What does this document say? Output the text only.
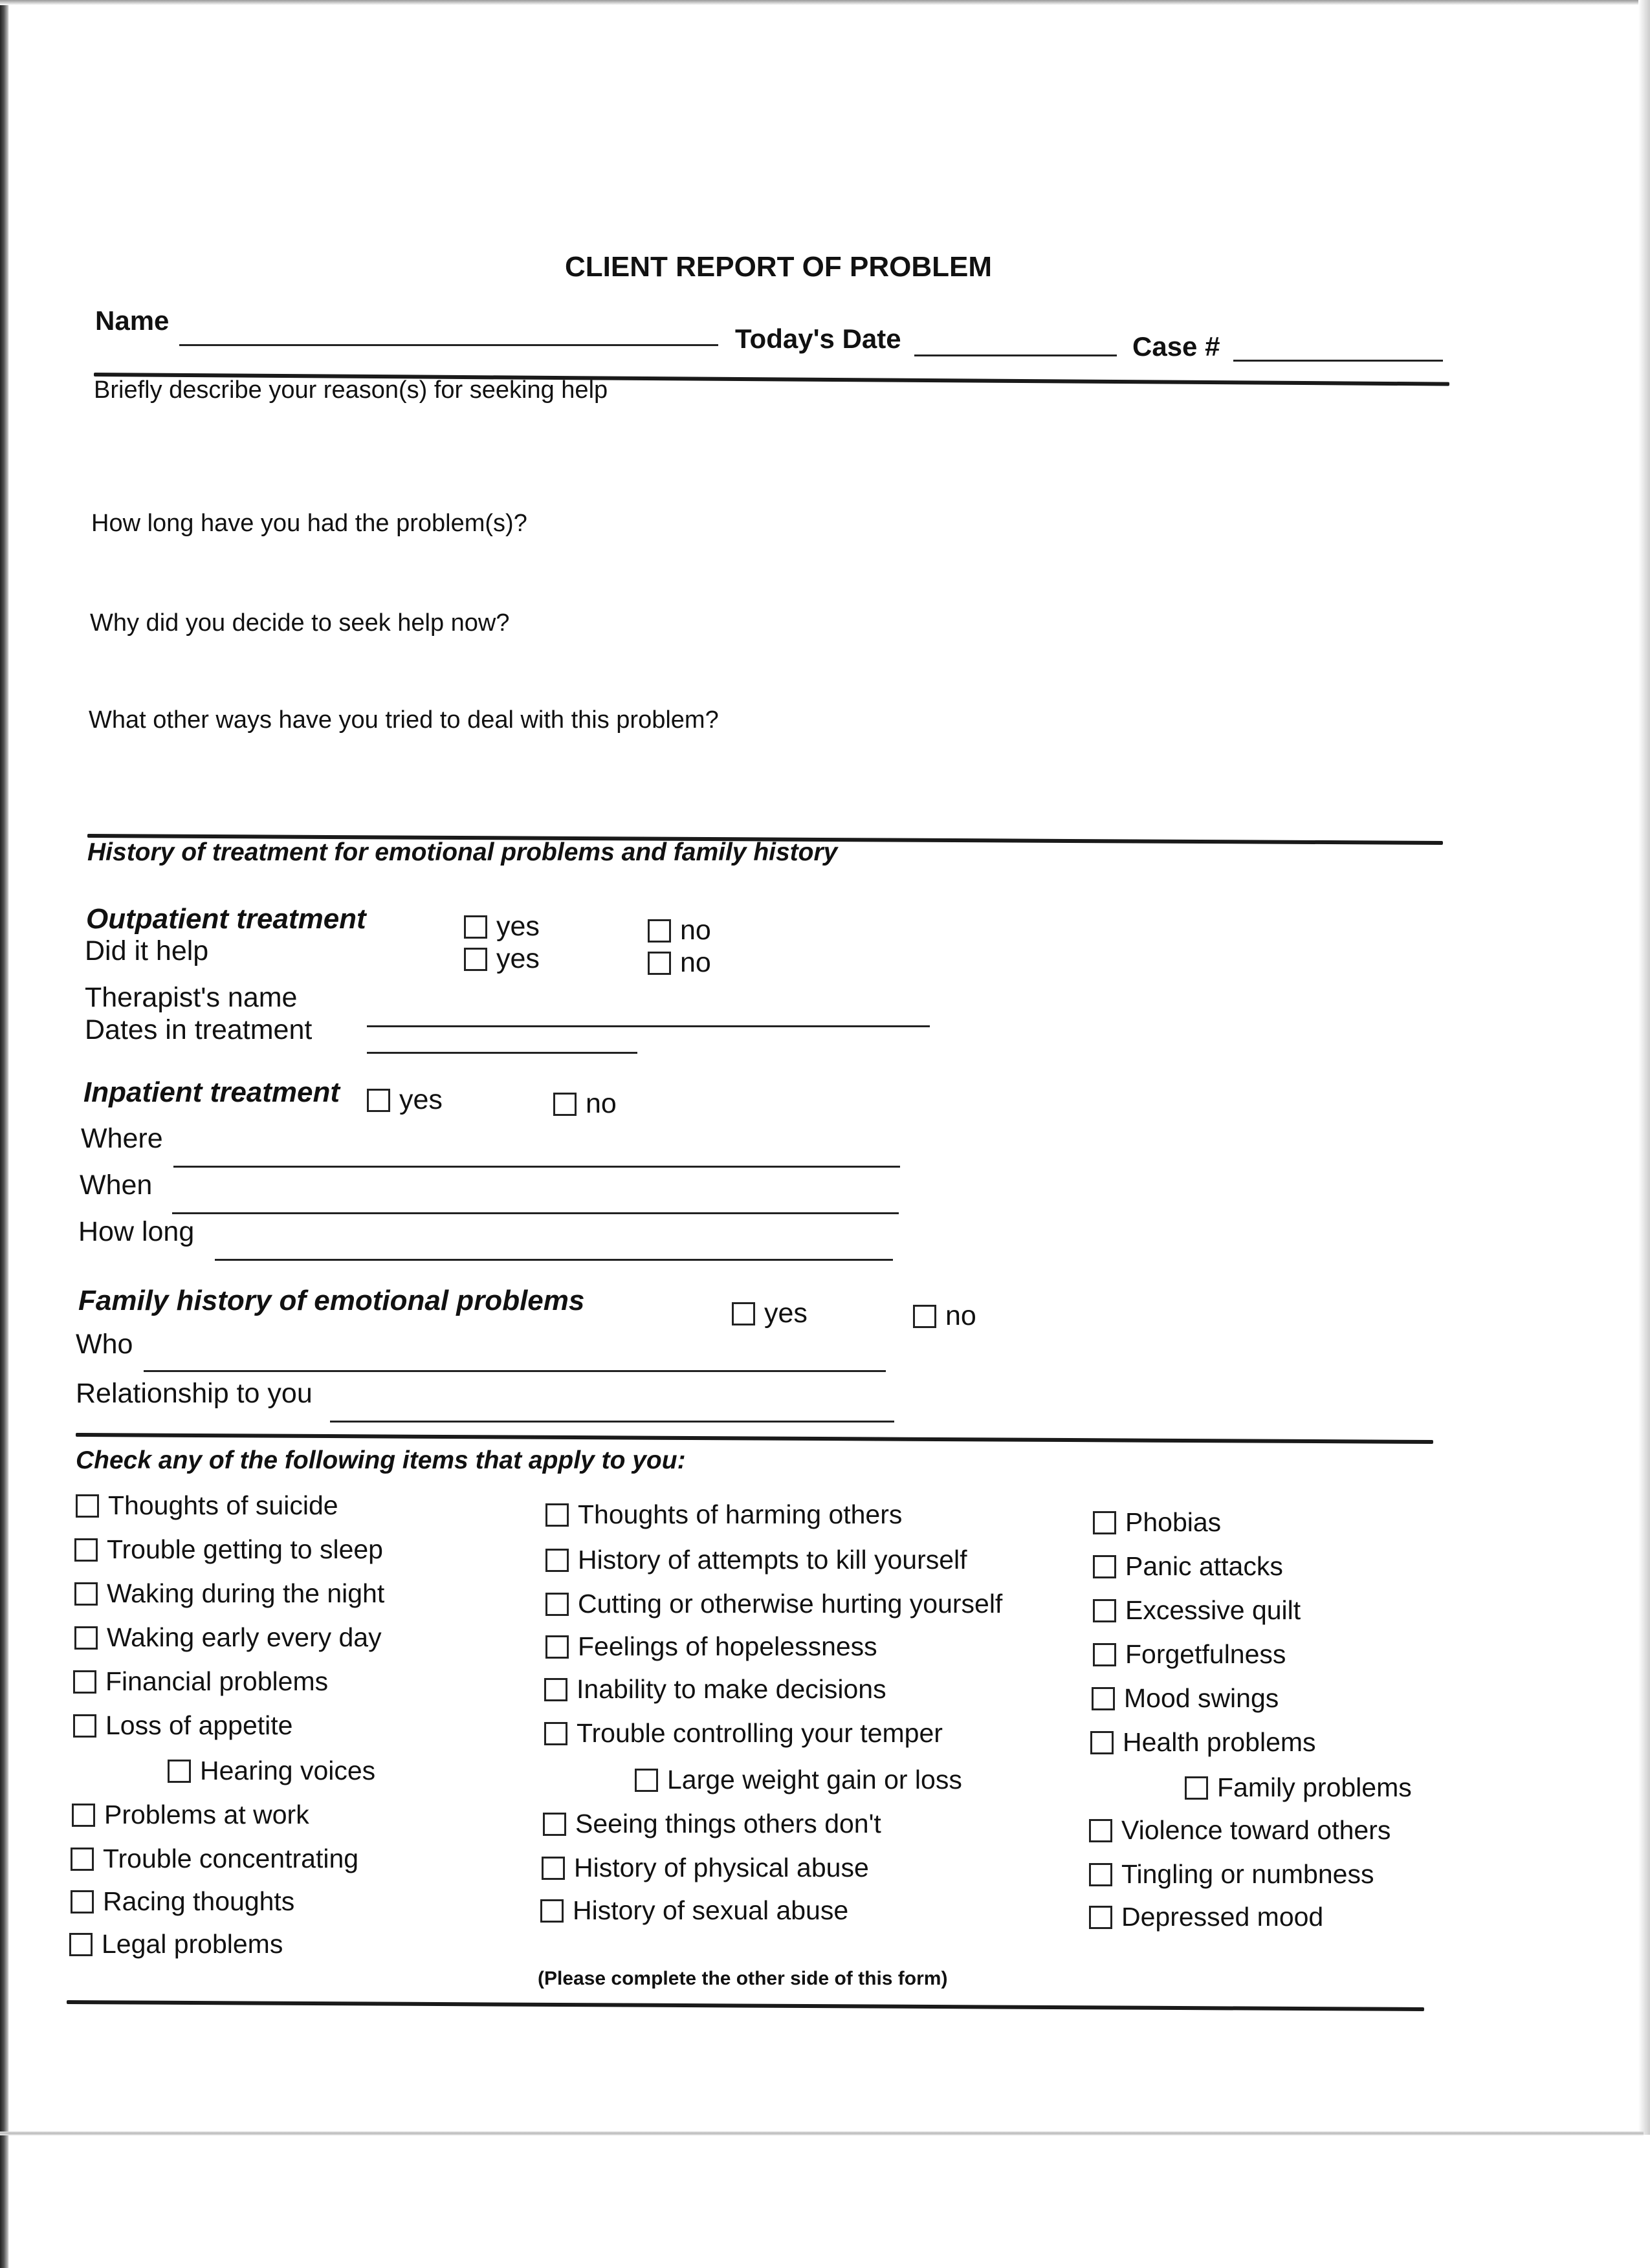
CLIENT REPORT OF PROBLEM
Name
Today's Date	Case #
Briefly describe your reason(s) for seeking help
How long have you had the problem(s)?
Why did you decide to seek help now?
What other ways have you tried to deal with this problem?
History of treatment for emotional problems and family history
Outpatient treatment
Did it help
yes	no
yes	no
Therapist's name
Dates in treatment
Inpatient treatment yes	no
Where
When
How long
Family history of emotional problems	yes	no
Who
Relationship to you
Check any of the following items that apply to you:
Thoughts of suicide
Trouble getting to sleep
Waking during the night
Waking early every day
Financial problems
Loss of appetite
Hearing voices
Problems at work
Trouble concentrating
Racing thoughts
Legal problems
Thoughts of harming others
History of attempts to kill yourself
Cutting or otherwise hurting yourself
Feelings of hopelessness
Inability to make decisions
Trouble controlling your temper
Large weight gain or loss
Seeing things others don't
History of physical abuse
History of sexual abuse
Phobias
Panic attacks
Excessive quilt
Forgetfulness
Mood swings
Health problems
Family problems
Violence toward others
Tingling or numbness
Depressed mood
(Please complete the other side of this form)
